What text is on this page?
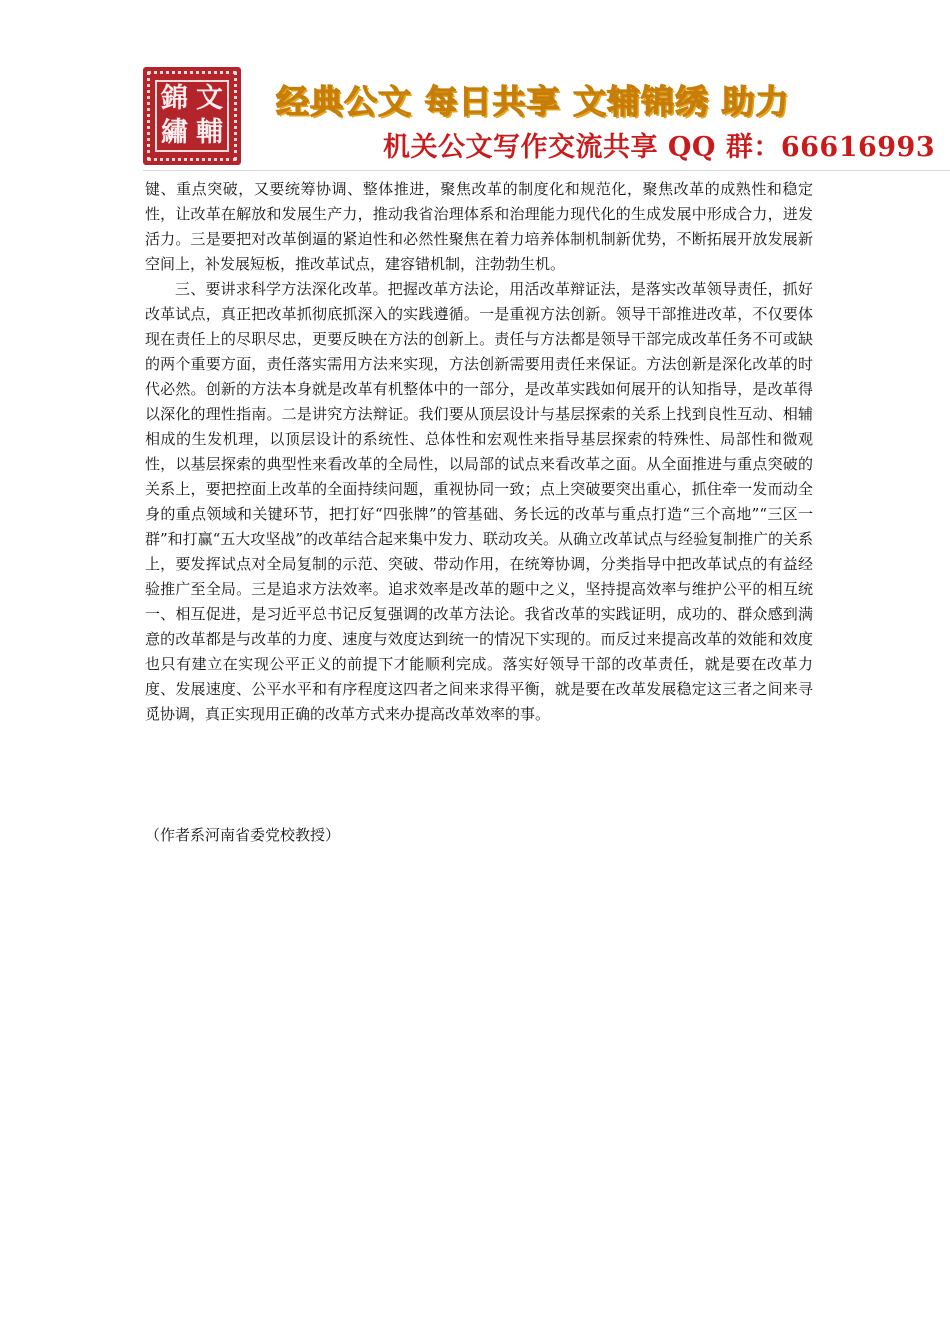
錦 文
繡 輔
经典公文 每日共享 文辅锦绣 助力
机关公文写作交流共享 QQ 群：66616993

键、重点突破，又要统筹协调、整体推进，聚焦改革的制度化和规范化，聚焦改革的成熟性和稳定性，让改革在解放和发展生产力，推动我省治理体系和治理能力现代化的生成发展中形成合力，迸发活力。三是要把对改革倒逼的紧迫性和必然性聚焦在着力培养体制机制新优势，不断拓展开放发展新空间上，补发展短板，推改革试点，建容错机制，注勃勃生机。

三、要讲求科学方法深化改革。把握改革方法论，用活改革辩证法，是落实改革领导责任，抓好改革试点，真正把改革抓彻底抓深入的实践遵循。一是重视方法创新。领导干部推进改革，不仅要体现在责任上的尽职尽忠，更要反映在方法的创新上。责任与方法都是领导干部完成改革任务不可或缺的两个重要方面，责任落实需用方法来实现，方法创新需要用责任来保证。方法创新是深化改革的时代必然。创新的方法本身就是改革有机整体中的一部分，是改革实践如何展开的认知指导，是改革得以深化的理性指南。二是讲究方法辩证。我们要从顶层设计与基层探索的关系上找到良性互动、相辅相成的生发机理，以顶层设计的系统性、总体性和宏观性来指导基层探索的特殊性、局部性和微观性，以基层探索的典型性来看改革的全局性，以局部的试点来看改革之面。从全面推进与重点突破的关系上，要把控面上改革的全面持续问题，重视协同一致；点上突破要突出重心，抓住牵一发而动全身的重点领域和关键环节，把打好“四张牌”的管基础、务长远的改革与重点打造“三个高地”“三区一群”和打赢“五大攻坚战”的改革结合起来集中发力、联动攻关。从确立改革试点与经验复制推广的关系上，要发挥试点对全局复制的示范、突破、带动作用，在统筹协调，分类指导中把改革试点的有益经验推广至全局。三是追求方法效率。追求效率是改革的题中之义，坚持提高效率与维护公平的相互统一、相互促进，是习近平总书记反复强调的改革方法论。我省改革的实践证明，成功的、群众感到满意的改革都是与改革的力度、速度与效度达到统一的情况下实现的。而反过来提高改革的效能和效度也只有建立在实现公平正义的前提下才能顺利完成。落实好领导干部的改革责任，就是要在改革力度、发展速度、公平水平和有序程度这四者之间来求得平衡，就是要在改革发展稳定这三者之间来寻觅协调，真正实现用正确的改革方式来办提高改革效率的事。

（作者系河南省委党校教授）
